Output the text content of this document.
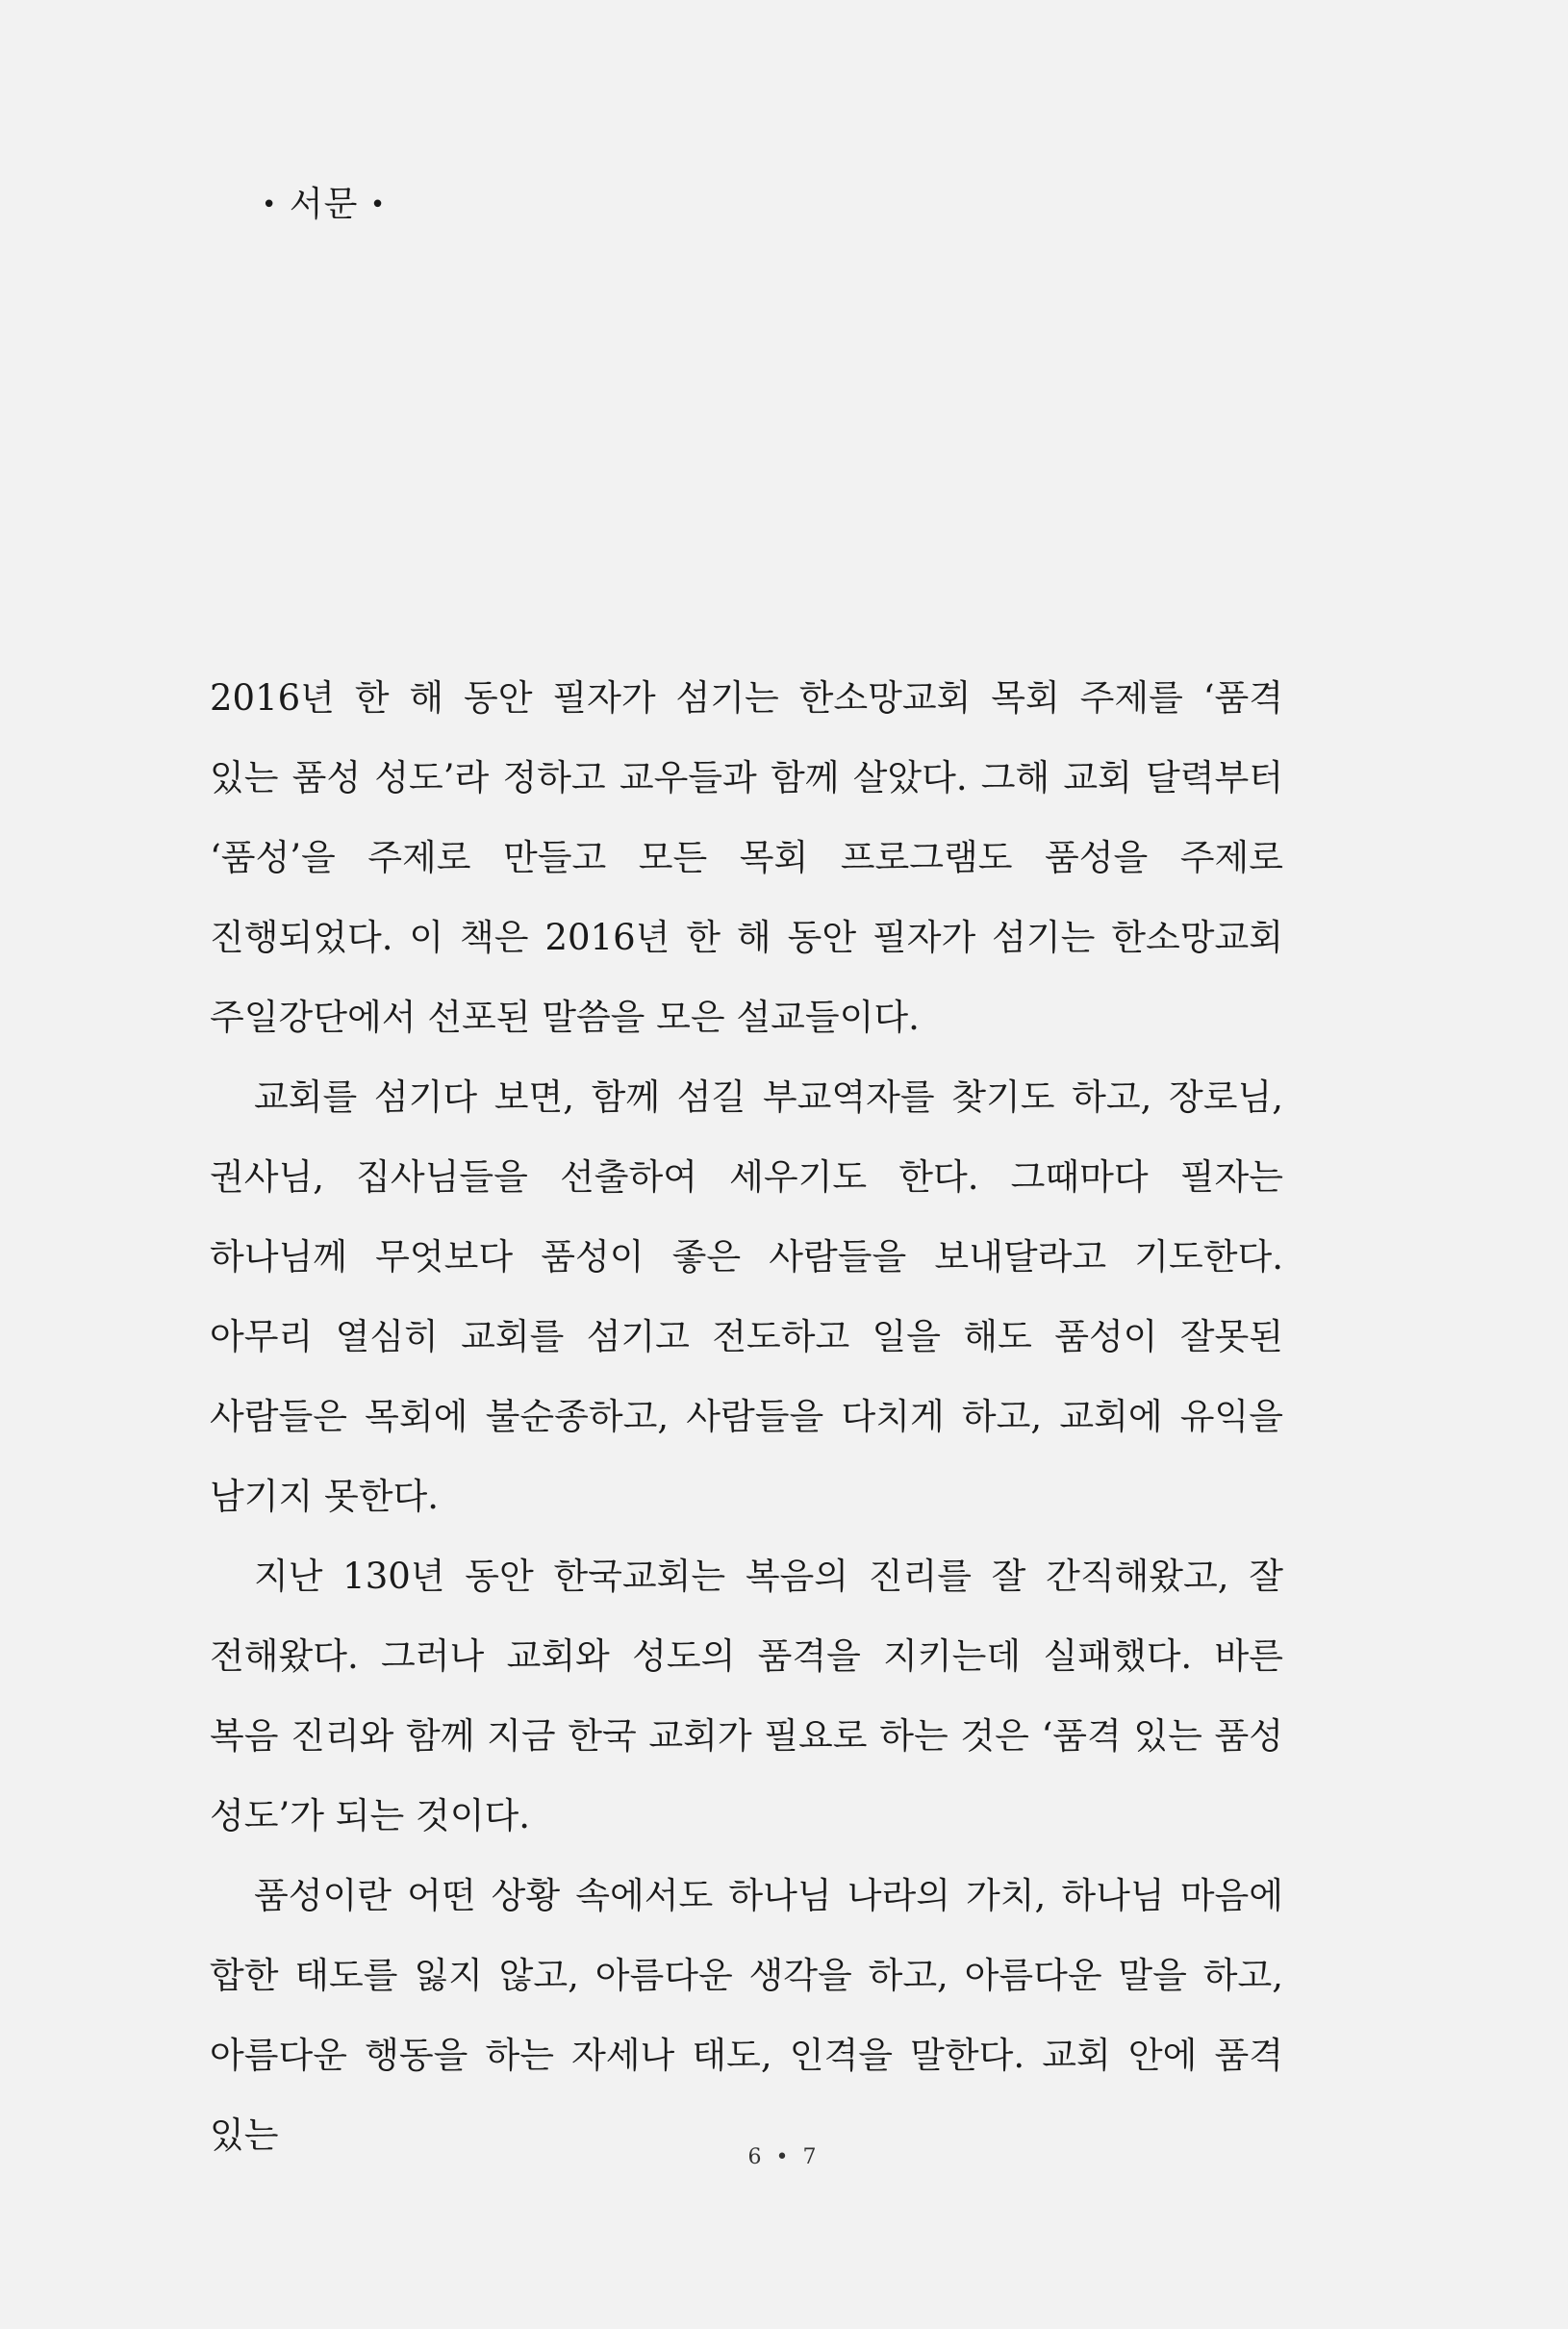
• 서문 •

2016년 한 해 동안 필자가 섬기는 한소망교회 목회 주제를 ‘품격 있는 품성 성도’라 정하고 교우들과 함께 살았다. 그해 교회 달력부터 ‘품성’을 주제로 만들고 모든 목회 프로그램도 품성을 주제로 진행되었다. 이 책은 2016년 한 해 동안 필자가 섬기는 한소망교회 주일강단에서 선포된 말씀을 모은 설교들이다.

교회를 섬기다 보면, 함께 섬길 부교역자를 찾기도 하고, 장로님, 권사님, 집사님들을 선출하여 세우기도 한다. 그때마다 필자는 하나님께 무엇보다 품성이 좋은 사람들을 보내달라고 기도한다. 아무리 열심히 교회를 섬기고 전도하고 일을 해도 품성이 잘못된 사람들은 목회에 불순종하고, 사람들을 다치게 하고, 교회에 유익을 남기지 못한다.

지난 130년 동안 한국교회는 복음의 진리를 잘 간직해왔고, 잘 전해왔다. 그러나 교회와 성도의 품격을 지키는데 실패했다. 바른 복음 진리와 함께 지금 한국 교회가 필요로 하는 것은 ‘품격 있는 품성 성도’가 되는 것이다.

품성이란 어떤 상황 속에서도 하나님 나라의 가치, 하나님 마음에 합한 태도를 잃지 않고, 아름다운 생각을 하고, 아름다운 말을 하고, 아름다운 행동을 하는 자세나 태도, 인격을 말한다. 교회 안에 품격 있는

6 • 7
